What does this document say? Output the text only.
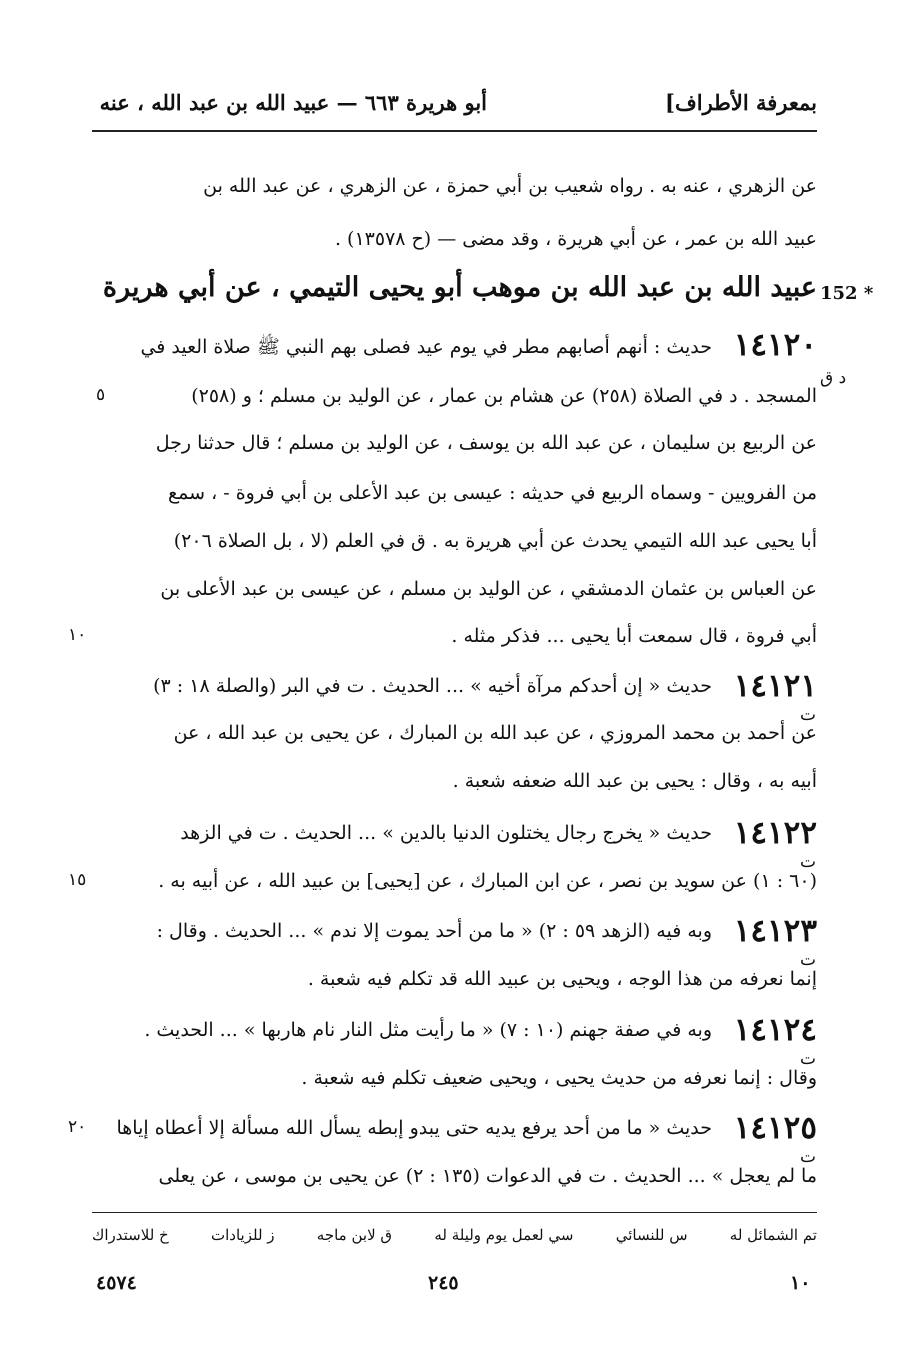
بمعرفة الأطراف]
أبو هريرة ٦٦٣ — عبيد الله بن عبد الله ، عنه
عن الزهري ، عنه به . رواه شعيب بن أبي حمزة ، عن الزهري ، عن عبد الله بن
عبيد الله بن عمر ، عن أبي هريرة ، وقد مضى — (ح ١٣٥٧٨) .
152 *
عبيد الله بن عبد الله بن موهب أبو يحيى التيمي ، عن أبي هريرة
١٤١٢٠
حديث : أنهم أصابهم مطر في يوم عيد فصلى بهم النبي ﷺ صلاة العيد في
د ق
المسجد . د في الصلاة (٢٥٨) عن هشام بن عمار ، عن الوليد بن مسلم ؛ و (٢٥٨)
٥
عن الربيع بن سليمان ، عن عبد الله بن يوسف ، عن الوليد بن مسلم ؛ قال حدثنا رجل
من الفرويين - وسماه الربيع في حديثه : عيسى بن عبد الأعلى بن أبي فروة - ، سمع
أبا يحيى عبد الله التيمي يحدث عن أبي هريرة به . ق في العلم (لا ، بل الصلاة ٢٠٦)
عن العباس بن عثمان الدمشقي ، عن الوليد بن مسلم ، عن عيسى بن عبد الأعلى بن
أبي فروة ، قال سمعت أبا يحيى ... فذكر مثله .
١٠
١٤١٢١
ت
حديث « إن أحدكم مرآة أخيه » ... الحديث . ت في البر (والصلة ١٨ : ٣)
عن أحمد بن محمد المروزي ، عن عبد الله بن المبارك ، عن يحيى بن عبد الله ، عن
أبيه به ، وقال : يحيى بن عبد الله ضعفه شعبة .
١٤١٢٢
ت
حديث « يخرج رجال يختلون الدنيا بالدين » ... الحديث . ت في الزهد
(٦٠ : ١) عن سويد بن نصر ، عن ابن المبارك ، عن [يحيى] بن عبيد الله ، عن أبيه به .
١٥
١٤١٢٣
ت
وبه فيه (الزهد ٥٩ : ٢) « ما من أحد يموت إلا ندم » ... الحديث . وقال :
إنما نعرفه من هذا الوجه ، ويحيى بن عبيد الله قد تكلم فيه شعبة .
١٤١٢٤
ت
وبه في صفة جهنم (١٠ : ٧) « ما رأيت مثل النار نام هاربها » ... الحديث .
وقال : إنما نعرفه من حديث يحيى ، ويحيى ضعيف تكلم فيه شعبة .
١٤١٢٥
ت
حديث « ما من أحد يرفع يديه حتى يبدو إبطه يسأل الله مسألة إلا أعطاه إياها
٢٠
ما لم يعجل » ... الحديث . ت في الدعوات (١٣٥ : ٢) عن يحيى بن موسى ، عن يعلى
تم الشمائل له
س للنسائي
سي لعمل يوم وليلة له
ق لابن ماجه
ز للزيادات
خ للاستدراك
٤٥٧٤	٢٤٥	١٠
